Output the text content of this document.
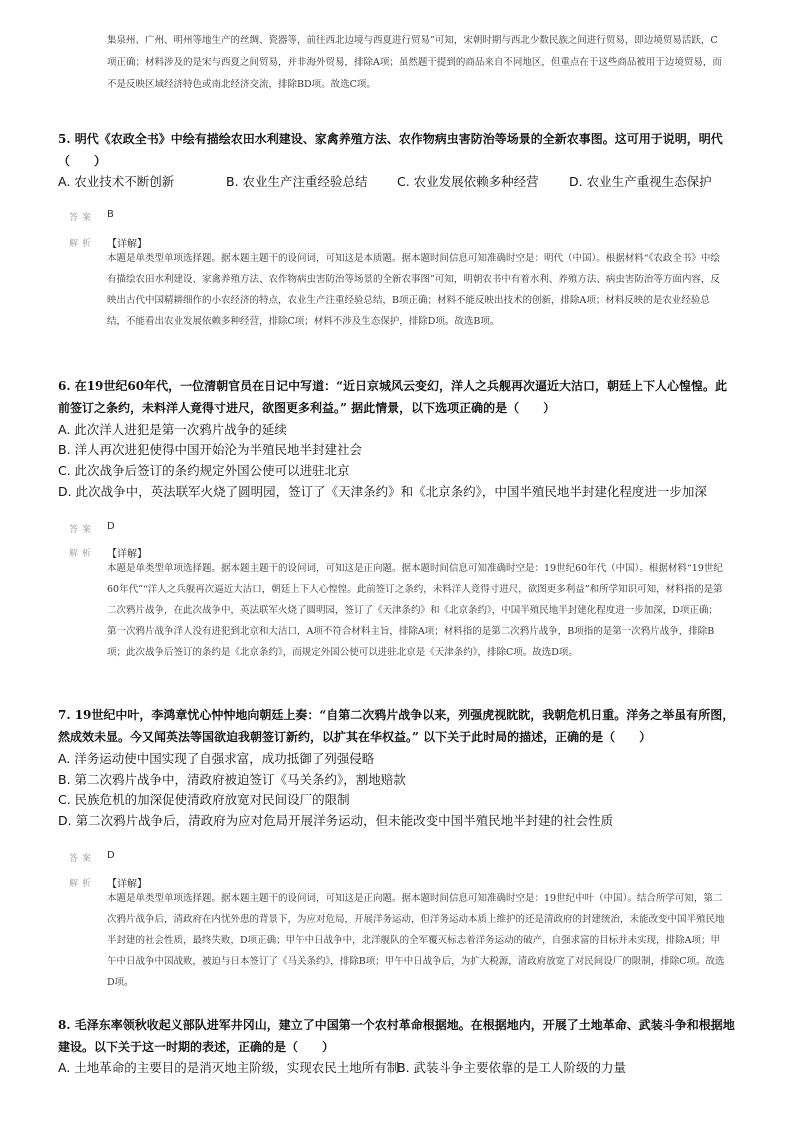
集泉州、广州、明州等地生产的丝绸、瓷器等，前往西北边境与西夏进行贸易”可知，宋朝时期与西北少数民族之间进行贸易，即边境贸易活跃，C项正确；材料涉及的是宋与西夏之间贸易，并非海外贸易，排除A项；虽然题干提到的商品来自不同地区，但重点在于这些商品被用于边境贸易，而不是反映区域经济特色或南北经济交流，排除BD项。故选C项。
5. 明代《农政全书》中绘有描绘农田水利建设、家禽养殖方法、农作物病虫害防治等场景的全新农事图。这可用于说明，明代（　　）
A. 农业技术不断创新	B. 农业生产注重经验总结 C. 农业发展依赖多种经营 D. 农业生产重视生态保护
答案 B
解析 【详解】
本题是单类型单项选择题。据本题主题干的设问词，可知这是本质题。据本题时间信息可知准确时空是：明代（中国）。根据材料“《农政全书》中绘有描绘农田水利建设、家禽养殖方法、农作物病虫害防治等场景的全新农事图”可知，明朝农书中有着水利、养殖方法、病虫害防治等方面内容，反映出古代中国精耕细作的小农经济的特点，农业生产注重经验总结，B项正确；材料不能反映出技术的创新，排除A项；材料反映的是农业经验总结，不能看出农业发展依赖多种经营，排除C项；材料不涉及生态保护，排除D项。故选B项。
6. 在19世纪60年代，一位清朝官员在日记中写道：“近日京城风云变幻，洋人之兵舰再次逼近大沽口，朝廷上下人心惶惶。此前签订之条约，未料洋人竟得寸进尺，欲图更多利益。” 据此情景，以下选项正确的是（　　）
A. 此次洋人进犯是第一次鸦片战争的延续
B. 洋人再次进犯使得中国开始沦为半殖民地半封建社会
C. 此次战争后签订的条约规定外国公使可以进驻北京
D. 此次战争中，英法联军火烧了圆明园，签订了《天津条约》和《北京条约》，中国半殖民地半封建化程度进一步加深
答案 D
解析 【详解】
本题是单类型单项选择题。据本题主题干的设问词，可知这是正向题。据本题时间信息可知准确时空是：19世纪60年代（中国）。根据材料“19世纪60年代”“洋人之兵舰再次逼近大沽口，朝廷上下人心惶惶。此前签订之条约，未料洋人竟得寸进尺，欲图更多利益”和所学知识可知，材料指的是第二次鸦片战争，在此次战争中，英法联军火烧了圆明园，签订了《天津条约》和《北京条约》，中国半殖民地半封建化程度进一步加深，D项正确；第一次鸦片战争洋人没有进犯到北京和大沽口，A项不符合材料主旨，排除A项；材料指的是第二次鸦片战争，B项指的是第一次鸦片战争，排除B项；此次战争后签订的条约是《北京条约》，而规定外国公使可以进驻北京是《天津条约》，排除C项。故选D项。
7. 19世纪中叶，李鸿章忧心忡忡地向朝廷上奏：“自第二次鸦片战争以来，列强虎视眈眈，我朝危机日重。洋务之举虽有所图，然成效未显。今又闻英法等国欲迫我朝签订新约，以扩其在华权益。” 以下关于此时局的描述，正确的是（　　）
A. 洋务运动使中国实现了自强求富，成功抵御了列强侵略
B. 第二次鸦片战争中，清政府被迫签订《马关条约》，割地赔款
C. 民族危机的加深促使清政府放宽对民间设厂的限制
D. 第二次鸦片战争后，清政府为应对危局开展洋务运动，但未能改变中国半殖民地半封建的社会性质
答案 D
解析 【详解】
本题是单类型单项选择题。据本题主题干的设问词，可知这是正向题。据本题时间信息可知准确时空是：19世纪中叶（中国）。结合所学可知，第二次鸦片战争后，清政府在内忧外患的背景下，为应对危局，开展洋务运动，但洋务运动本质上维护的还是清政府的封建统治，未能改变中国半殖民地半封建的社会性质，最终失败，D项正确；甲午中日战争中，北洋舰队的全军覆灭标志着洋务运动的破产，自强求富的目标并未实现，排除A项；甲午中日战争中国战败，被迫与日本签订了《马关条约》，排除B项；甲午中日战争后，为扩大税源，清政府放宽了对民间设厂的限制，排除C项。故选D项。
8. 毛泽东率领秋收起义部队进军井冈山，建立了中国第一个农村革命根据地。在根据地内，开展了土地革命、武装斗争和根据地建设。以下关于这一时期的表述，正确的是（　　）
A. 土地革命的主要目的是消灭地主阶级，实现农民土地所有制
B. 武装斗争主要依靠的是工人阶级的力量
